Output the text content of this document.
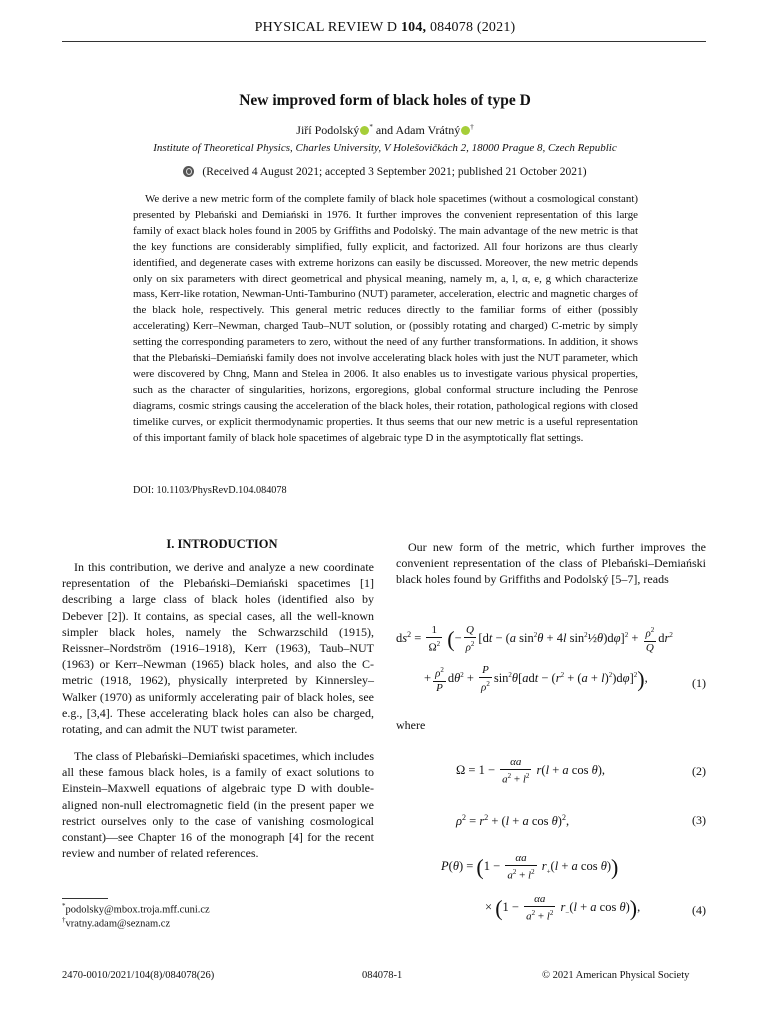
PHYSICAL REVIEW D 104, 084078 (2021)
New improved form of black holes of type D
Jiří Podolský * and Adam Vrátný †
Institute of Theoretical Physics, Charles University, V Holešovičkách 2, 18000 Prague 8, Czech Republic
(Received 4 August 2021; accepted 3 September 2021; published 21 October 2021)

We derive a new metric form of the complete family of black hole spacetimes (without a cosmological constant) presented by Plebański and Demiański in 1976. It further improves the convenient representation of this large family of exact black holes found in 2005 by Griffiths and Podolský. The main advantage of the new metric is that the key functions are considerably simplified, fully explicit, and factorized. All four horizons are thus clearly identified, and degenerate cases with extreme horizons can easily be discussed. Moreover, the new metric depends only on six parameters with direct geometrical and physical meaning, namely m, a, l, α, e, g which characterize mass, Kerr-like rotation, Newman-Unti-Tamburino (NUT) parameter, acceleration, electric and magnetic charges of the black hole, respectively. This general metric reduces directly to the familiar forms of either (possibly accelerating) Kerr–Newman, charged Taub–NUT solution, or (possibly rotating and charged) C-metric by simply setting the corresponding parameters to zero, without the need of any further transformations. In addition, it shows that the Plebański–Demiański family does not involve accelerating black holes with just the NUT parameter, which were discovered by Chng, Mann and Stelea in 2006. It also enables us to investigate various physical properties, such as the character of singularities, horizons, ergoregions, global conformal structure including the Penrose diagrams, cosmic strings causing the acceleration of the black holes, their rotation, pathological regions with closed timelike curves, or explicit thermodynamic properties. It thus seems that our new metric is a useful representation of this important family of black hole spacetimes of algebraic type D in the asymptotically flat settings.

DOI: 10.1103/PhysRevD.104.084078
I. INTRODUCTION

In this contribution, we derive and analyze a new coordinate representation of the Plebański–Demiański spacetimes [1] describing a large class of black holes (identified also by Debever [2]). It contains, as special cases, all the well-known simpler black holes, namely the Schwarzschild (1915), Reissner–Nordström (1916–1918), Kerr (1963), Taub–NUT (1963) or Kerr–Newman (1965) black holes, and also the C-metric (1918, 1962), physically interpreted by Kinnersley–Walker (1970) as uniformly accelerating pair of black holes, see e.g., [3,4]. These accelerating black holes can also be charged, rotating, and can admit the NUT twist parameter.

The class of Plebański–Demiański spacetimes, which includes all these famous black holes, is a family of exact solutions to Einstein–Maxwell equations of algebraic type D with double-aligned non-null electromagnetic field (in the present paper we restrict ourselves only to the case of vanishing cosmological constant)—see Chapter 16 of the monograph [4] for the recent review and number of related references.

Our new form of the metric, which further improves the convenient representation of the class of Plebański–Demiański black holes found by Griffiths and Podolský [5–7], reads

$ds^2 = \frac{1}{\Omega^2}$ (− $\frac{Q}{\rho^2} [dt - (a$ $\sin^2\theta + 4l$ $\sin^2\frac{1}{2}\theta)d\varphi]^2 + \frac{\rho^2}{Q} dr^2$
+ $\frac{\rho^2}{P} d\theta^2 + \frac{P}{\rho^2} \sin^2\theta[adt - (r^2 + (a + l)^2)d\varphi]^2$),	(1)
where
$\Omega = 1 - \frac{\alpha a}{a^2 + l^2} r(l + a$ cos θ),	(2)
$\rho^2 = r^2 + (l + a$ cos θ)$^2$,	(3)
$P(\theta) = (1 - \frac{\alpha a}{a^2 + l^2} r_+(l + a$ cos θ))
× ($1 - \frac{\alpha a}{a^2 + l^2} r_-(l + a$ cos θ)),	(4)
*podolsky@mbox.troja.mff.cuni.cz
†vratny.adam@seznam.cz
2470-0010/2021/104(8)/084078(26)	084078-1	© 2021 American Physical Society
